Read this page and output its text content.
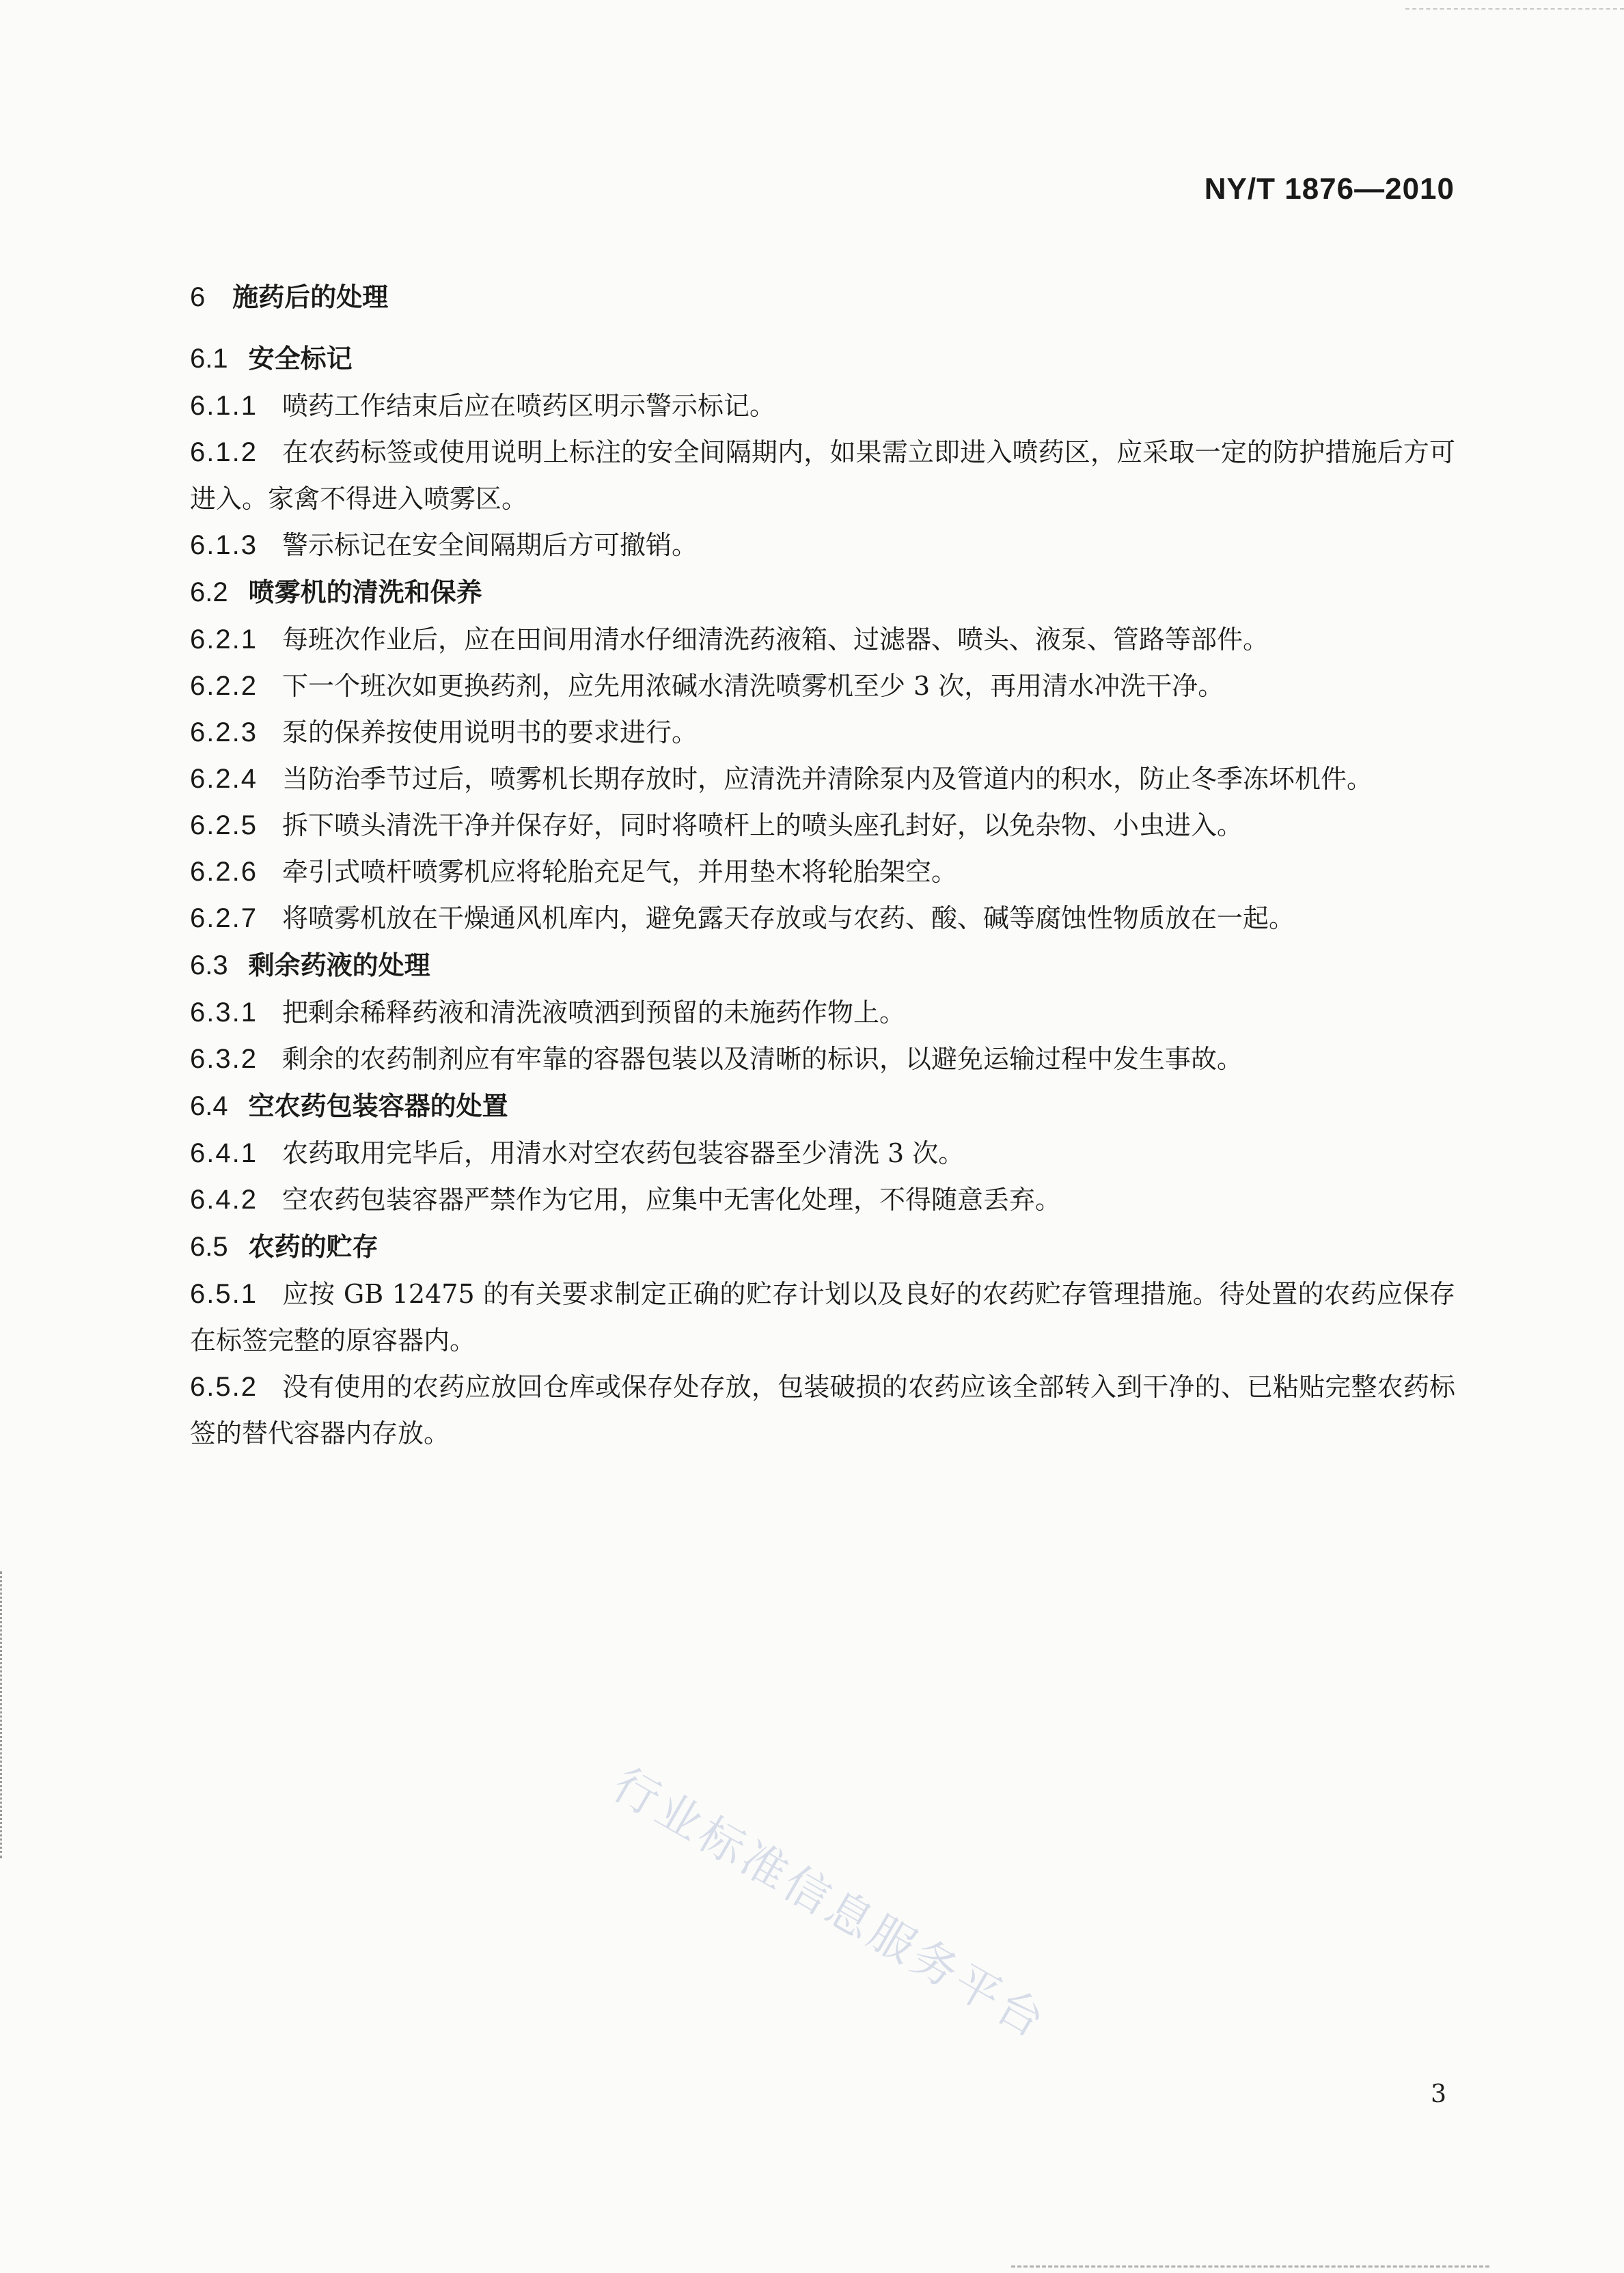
NY/T 1876—2010

6 施药后的处理

6.1 安全标记

6.1.1 喷药工作结束后应在喷药区明示警示标记。

6.1.2 在农药标签或使用说明上标注的安全间隔期内，如果需立即进入喷药区，应采取一定的防护措施后方可进入。家禽不得进入喷雾区。

6.1.3 警示标记在安全间隔期后方可撤销。

6.2 喷雾机的清洗和保养

6.2.1 每班次作业后，应在田间用清水仔细清洗药液箱、过滤器、喷头、液泵、管路等部件。

6.2.2 下一个班次如更换药剂，应先用浓碱水清洗喷雾机至少 3 次，再用清水冲洗干净。

6.2.3 泵的保养按使用说明书的要求进行。

6.2.4 当防治季节过后，喷雾机长期存放时，应清洗并清除泵内及管道内的积水，防止冬季冻坏机件。

6.2.5 拆下喷头清洗干净并保存好，同时将喷杆上的喷头座孔封好，以免杂物、小虫进入。

6.2.6 牵引式喷杆喷雾机应将轮胎充足气，并用垫木将轮胎架空。

6.2.7 将喷雾机放在干燥通风机库内，避免露天存放或与农药、酸、碱等腐蚀性物质放在一起。

6.3 剩余药液的处理

6.3.1 把剩余稀释药液和清洗液喷洒到预留的未施药作物上。

6.3.2 剩余的农药制剂应有牢靠的容器包装以及清晰的标识，以避免运输过程中发生事故。

6.4 空农药包装容器的处置

6.4.1 农药取用完毕后，用清水对空农药包装容器至少清洗 3 次。

6.4.2 空农药包装容器严禁作为它用，应集中无害化处理，不得随意丢弃。

6.5 农药的贮存

6.5.1 应按 GB 12475 的有关要求制定正确的贮存计划以及良好的农药贮存管理措施。待处置的农药应保存在标签完整的原容器内。

6.5.2 没有使用的农药应放回仓库或保存处存放，包装破损的农药应该全部转入到干净的、已粘贴完整农药标签的替代容器内存放。

行业标准信息服务平台
3
